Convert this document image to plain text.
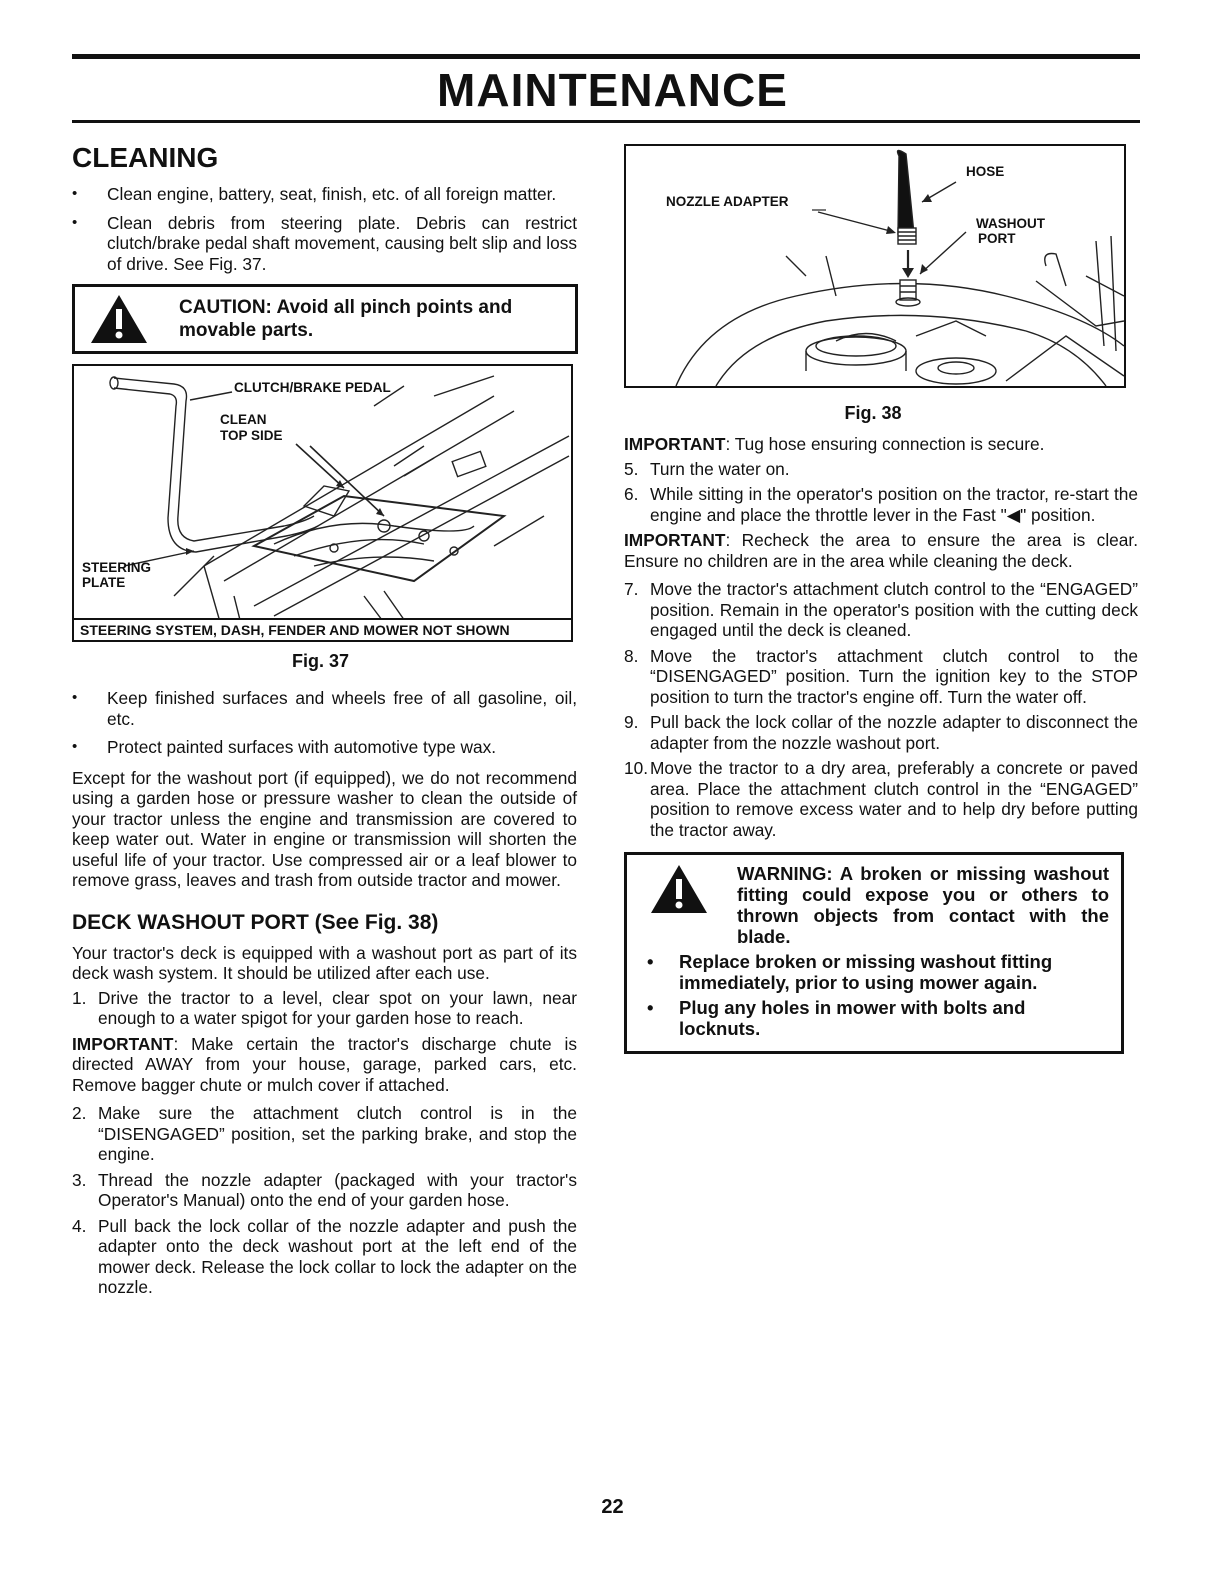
MAINTENANCE
CLEANING
• Clean engine, battery, seat, finish, etc. of all foreign matter.
• Clean debris from steering plate. Debris can restrict clutch/brake pedal shaft movement, causing belt slip and loss of drive. See Fig. 37.
CAUTION: Avoid all pinch points and movable parts.
CLUTCH/BRAKE PEDAL
CLEAN
TOP SIDE
STEERING
PLATE
STEERING SYSTEM, DASH, FENDER AND MOWER NOT SHOWN
Fig. 37
• Keep finished surfaces and wheels free of all gasoline, oil, etc.
• Protect painted surfaces with automotive type wax.

Except for the washout port (if equipped), we do not recommend using a garden hose or pressure washer to clean the outside of your tractor unless the engine and transmission are covered to keep water out. Water in engine or transmission will shorten the useful life of your tractor. Use compressed air or a leaf blower to remove grass, leaves and trash from outside tractor and mower.

DECK WASHOUT PORT (See Fig. 38)

Your tractor's deck is equipped with a washout port as part of its deck wash system. It should be utilized after each use.

1. Drive the tractor to a level, clear spot on your lawn, near enough to a water spigot for your garden hose to reach.

IMPORTANT: Make certain the tractor's discharge chute is directed AWAY from your house, garage, parked cars, etc. Remove bagger chute or mulch cover if attached.

2. Make sure the attachment clutch control is in the “DISENGAGED” position, set the parking brake, and stop the engine.
3. Thread the nozzle adapter (packaged with your tractor's Operator's Manual) onto the end of your garden hose.
4. Pull back the lock collar of the nozzle adapter and push the adapter onto the deck washout port at the left end of the mower deck. Release the lock collar to lock the adapter on the nozzle.
HOSE
NOZZLE ADAPTER
WASHOUT
PORT
Fig. 38

IMPORTANT: Tug hose ensuring connection is secure.

5. Turn the water on.
6. While sitting in the operator's position on the tractor, re-start the engine and place the throttle lever in the Fast "◀" position.

IMPORTANT: Recheck the area to ensure the area is clear. Ensure no children are in the area while cleaning the deck.

7. Move the tractor's attachment clutch control to the “ENGAGED” position. Remain in the operator's position with the cutting deck engaged until the deck is cleaned.
8. Move the tractor's attachment clutch control to the “DISENGAGED” position. Turn the ignition key to the STOP position to turn the tractor's engine off. Turn the water off.
9. Pull back the lock collar of the nozzle adapter to disconnect the adapter from the nozzle washout port.
10. Move the tractor to a dry area, preferably a concrete or paved area. Place the attachment clutch control in the “ENGAGED” position to remove excess water and to help dry before putting the tractor away.
WARNING: A broken or missing washout fitting could expose you or others to thrown objects from contact with the blade.
• Replace broken or missing washout fitting immediately, prior to using mower again.
• Plug any holes in mower with bolts and locknuts.
22
